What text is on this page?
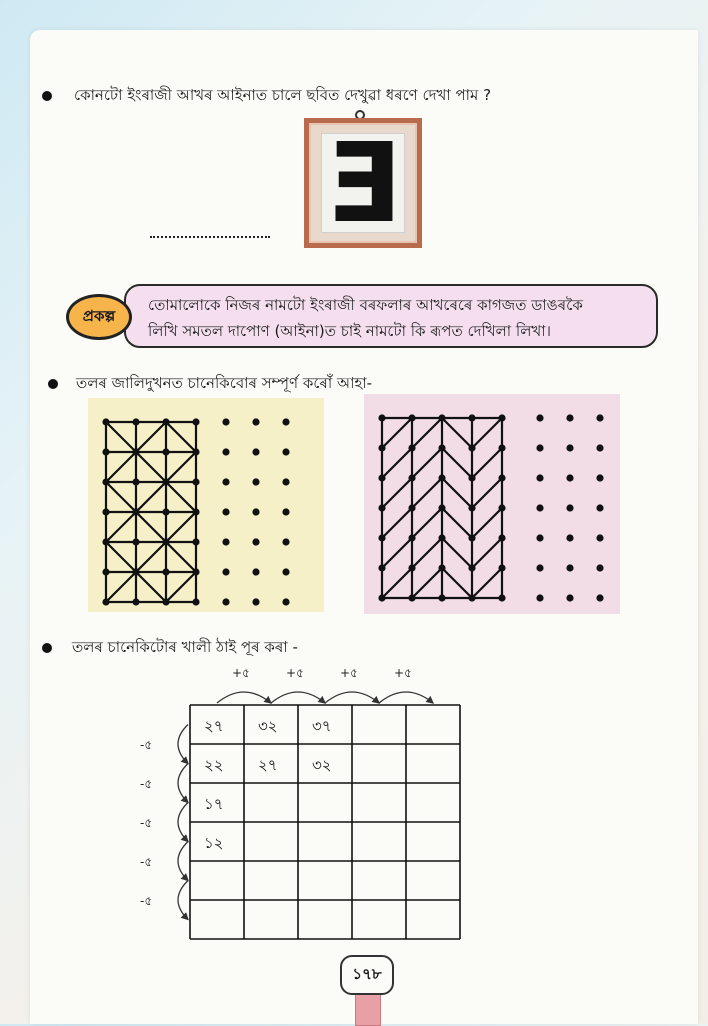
কোনটো ইংৰাজী আখৰ আইনাত চালে ছবিত দেখুৱা ধৰণে দেখা পাম ?
Ǝ
তোমালোকে নিজৰ নামটো ইংৰাজী বৰফলাৰ আখৰেৰে কাগজত ডাঙৰকৈ
লিখি সমতল দাপোণ (আইনা)ত চাই নামটো কি ৰূপত দেখিলা লিখা।
প্ৰকল্প
তলৰ জালিদুখনত চানেকিবোৰ সম্পূৰ্ণ কৰোঁ আহা-
তলৰ চানেকিটোৰ খালী ঠাই পূৰ কৰা -
+৫	+৫	+৫	+৫
-৫
-৫
-৫
-৫
-৫
২৭ ৩২ ৩৭
২২ ২৭ ৩২
১৭
১২
১৭৮
